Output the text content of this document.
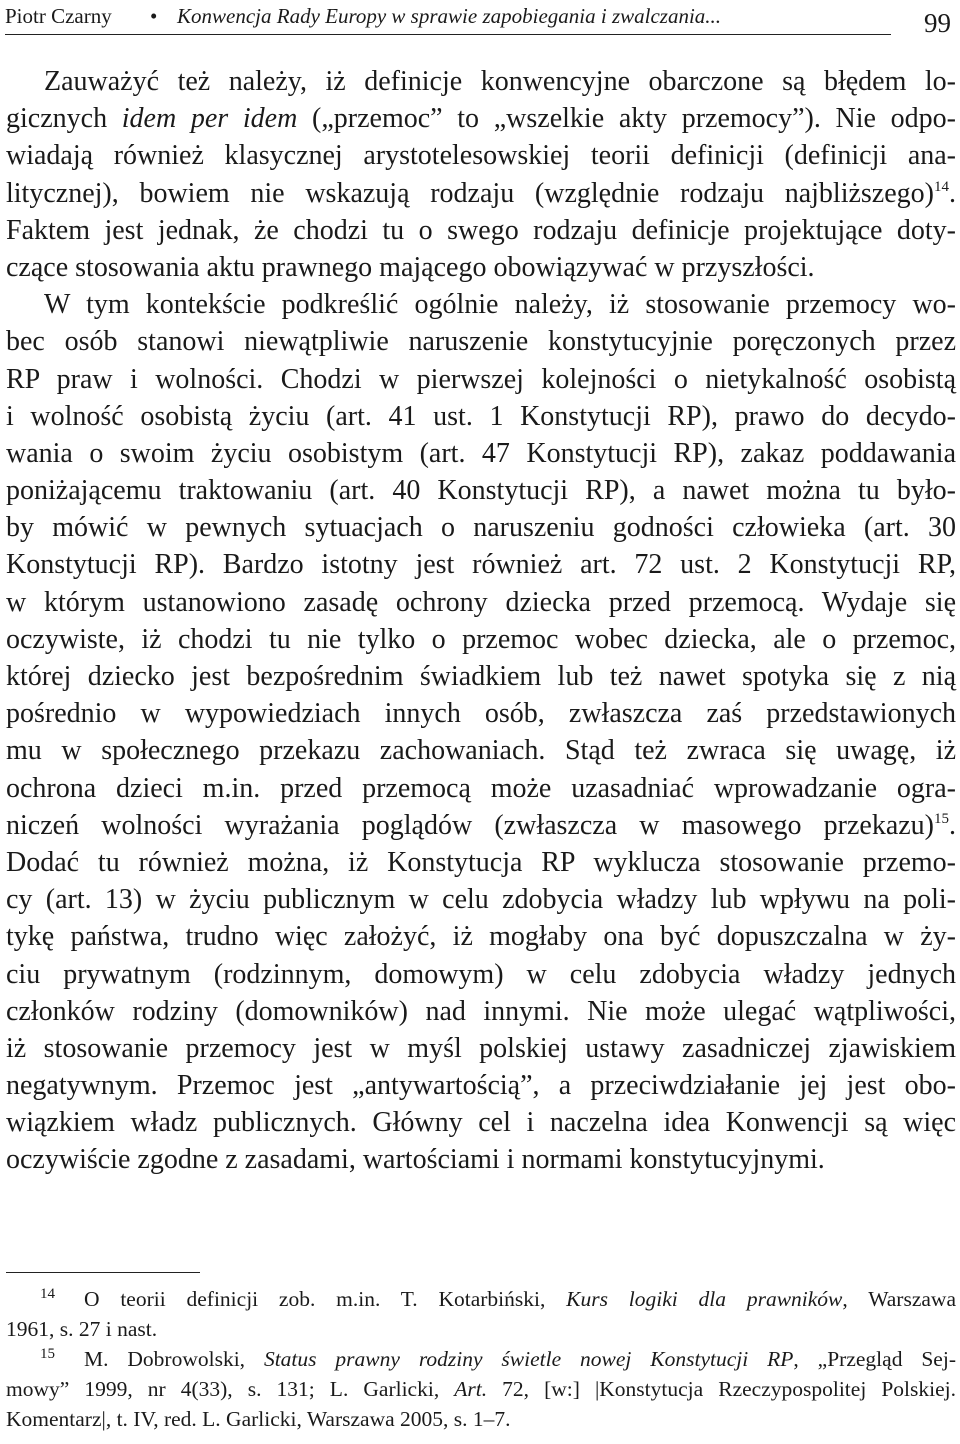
Piotr Czarny • Konwencja Rady Europy w sprawie zapobiegania i zwalczania...	99
Zauważyć też należy, iż definicje konwencyjne obarczone są błędem lo-
gicznych idem per idem („przemoc” to „wszelkie akty przemocy”). Nie odpo-
wiadają również klasycznej arystotelesowskiej teorii definicji (definicji ana-
litycznej), bowiem nie wskazują rodzaju (względnie rodzaju najbliższego)$^{14}$.
Faktem jest jednak, że chodzi tu o swego rodzaju definicje projektujące doty-
czące stosowania aktu prawnego mającego obowiązywać w przyszłości.
W tym kontekście podkreślić ogólnie należy, iż stosowanie przemocy wo-
bec osób stanowi niewątpliwie naruszenie konstytucyjnie poręczonych przez
RP praw i wolności. Chodzi w pierwszej kolejności o nietykalność osobistą
i wolność osobistą życiu (art. 41 ust. 1 Konstytucji RP), prawo do decydo-
wania o swoim życiu osobistym (art. 47 Konstytucji RP), zakaz poddawania
poniżającemu traktowaniu (art. 40 Konstytucji RP), a nawet można tu było-
by mówić w pewnych sytuacjach o naruszeniu godności człowieka (art. 30
Konstytucji RP). Bardzo istotny jest również art. 72 ust. 2 Konstytucji RP,
w którym ustanowiono zasadę ochrony dziecka przed przemocą. Wydaje się
oczywiste, iż chodzi tu nie tylko o przemoc wobec dziecka, ale o przemoc,
której dziecko jest bezpośrednim świadkiem lub też nawet spotyka się z nią
pośrednio w wypowiedziach innych osób, zwłaszcza zaś przedstawionych
mu w społecznego przekazu zachowaniach. Stąd też zwraca się uwagę, iż
ochrona dzieci m.in. przed przemocą może uzasadniać wprowadzanie ogra-
niczeń wolności wyrażania poglądów (zwłaszcza w masowego przekazu)$^{15}$.
Dodać tu również można, iż Konstytucja RP wyklucza stosowanie przemo-
cy (art. 13) w życiu publicznym w celu zdobycia władzy lub wpływu na poli-
tykę państwa, trudno więc założyć, iż mogłaby ona być dopuszczalna w ży-
ciu prywatnym (rodzinnym, domowym) w celu zdobycia władzy jednych
członków rodziny (domowników) nad innymi. Nie może ulegać wątpliwości,
iż stosowanie przemocy jest w myśl polskiej ustawy zasadniczej zjawiskiem
negatywnym. Przemoc jest „antywartością”, a przeciwdziałanie jej jest obo-
wiązkiem władz publicznych. Główny cel i naczelna idea Konwencji są więc
oczywiście zgodne z zasadami, wartościami i normami konstytucyjnymi.
14 O teorii definicji zob. m.in. T. Kotarbiński, Kurs logiki dla prawników, Warszawa
1961, s. 27 i nast.
15 M. Dobrowolski, Status prawny rodziny świetle nowej Konstytucji RP, „Przegląd Sej-
mowy” 1999, nr 4(33), s. 131; L. Garlicki, Art. 72, [w:] |Konstytucja Rzeczypospolitej Polskiej.
Komentarz|, t. IV, red. L. Garlicki, Warszawa 2005, s. 1–7.
